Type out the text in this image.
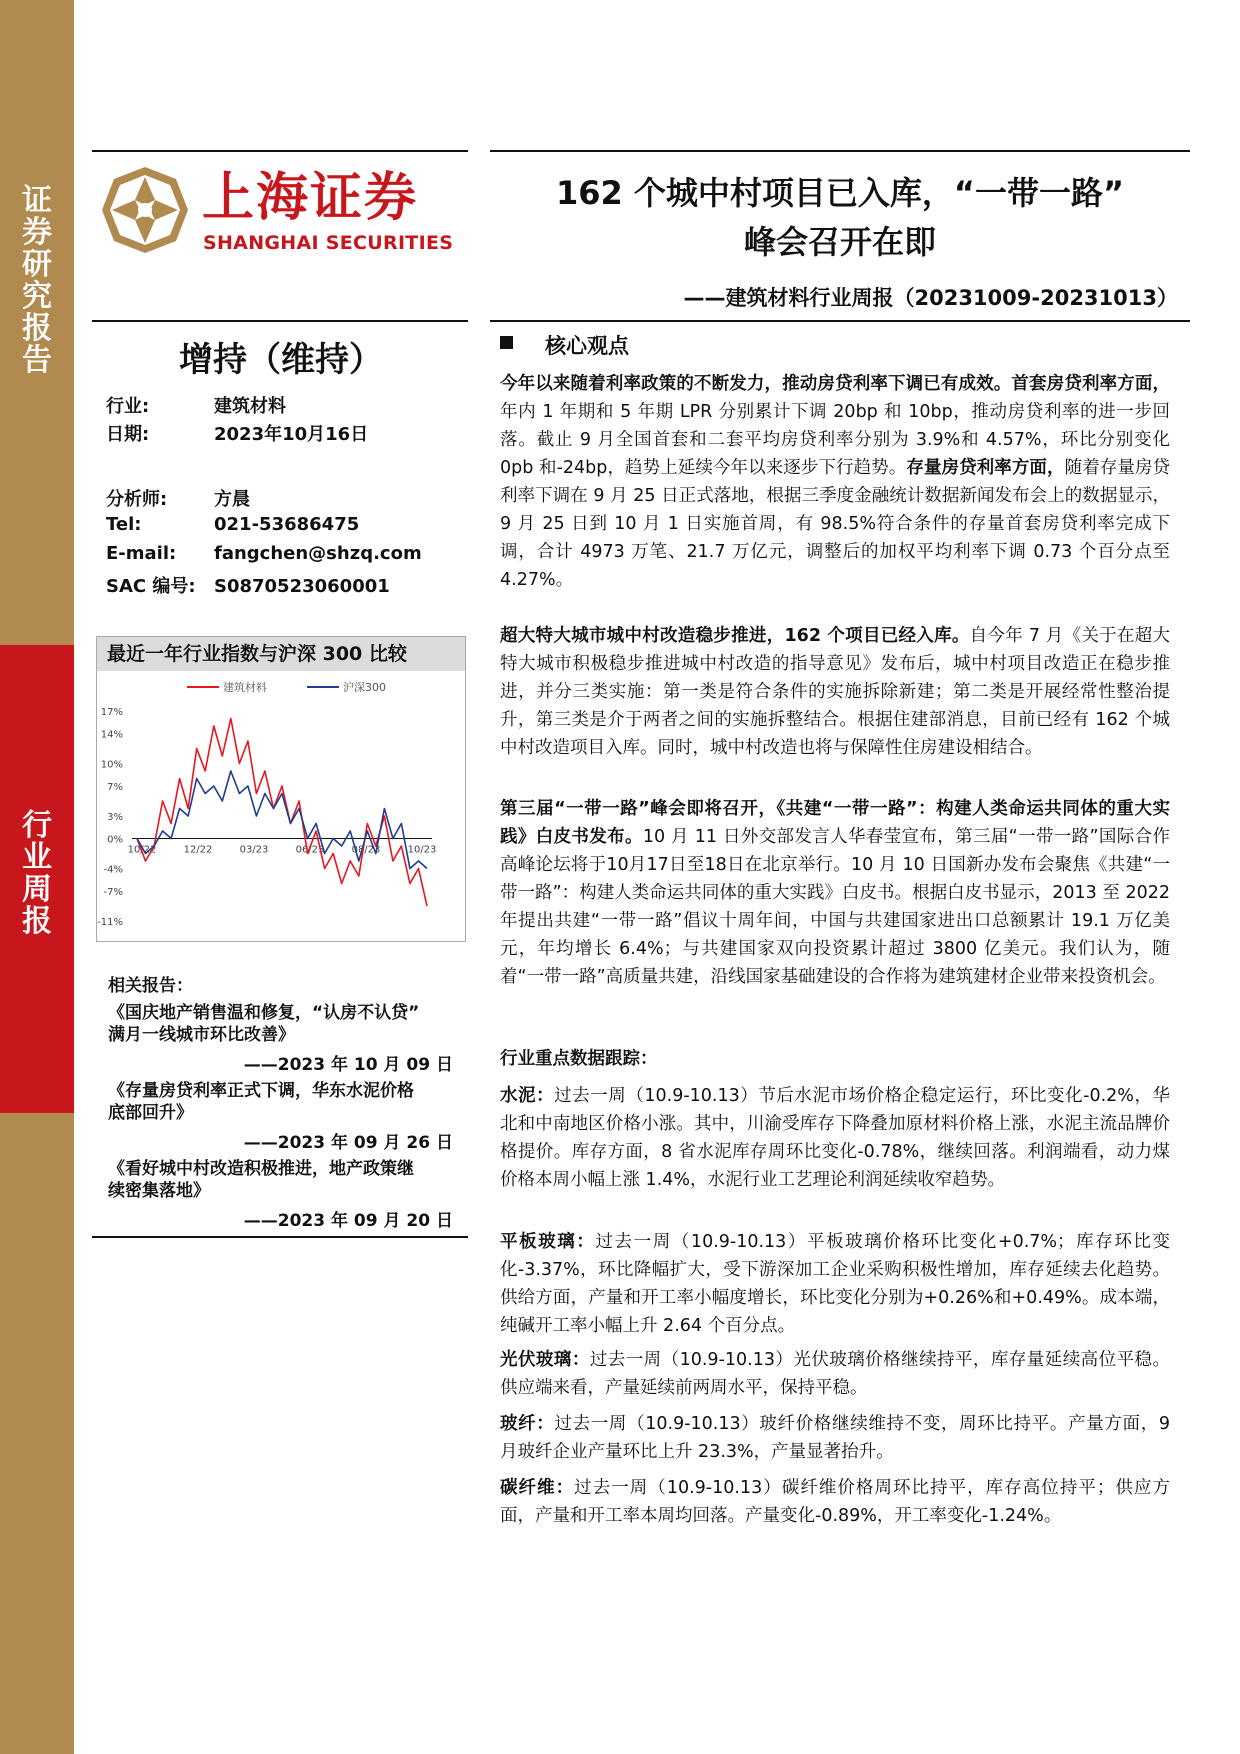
证
券
研
究
报
告
行
业
周
报
上海证券
SHANGHAI SECURITIES
162 个城中村项目已入库，“一带一路”
峰会召开在即
——建筑材料行业周报（20231009-20231013）
增持（维持）
行业:	建筑材料
日期:	2023年10月16日
分析师:	方晨
Tel:	021-53686475
E-mail: fangchen@shzq.com
SAC 编号: S0870523060001
最近一年行业指数与沪深 300 比较
建筑材料	沪深300
17%
14%
10%
7%
3%
0%
-4%
-7%
-11%
10/22	12/22	03/23	06/23	08/23	10/23
相关报告：
《国庆地产销售温和修复，“认房不认贷”
满月一线城市环比改善》
——2023 年 10 月 09 日
《存量房贷利率正式下调，华东水泥价格
底部回升》
——2023 年 09 月 26 日
《看好城中村改造积极推进，地产政策继
续密集落地》
——2023 年 09 月 20 日
核心观点
今年以来随着利率政策的不断发力，推动房贷利率下调已有成效。首套房贷利率方面，年内 1 年期和 5 年期 LPR 分别累计下调 20bp 和 10bp，推动房贷利率的进一步回落。截止 9 月全国首套和二套平均房贷利率分别为 3.9%和 4.57%，环比分别变化 0pb 和-24bp，趋势上延续今年以来逐步下行趋势。存量房贷利率方面，随着存量房贷利率下调在 9 月 25 日正式落地，根据三季度金融统计数据新闻发布会上的数据显示，9 月 25 日到 10 月 1 日实施首周，有 98.5%符合条件的存量首套房贷利率完成下调，合计 4973 万笔、21.7 万亿元，调整后的加权平均利率下调 0.73 个百分点至 4.27%。
超大特大城市城中村改造稳步推进，162 个项目已经入库。自今年 7 月《关于在超大特大城市积极稳步推进城中村改造的指导意见》发布后，城中村项目改造正在稳步推进，并分三类实施：第一类是符合条件的实施拆除新建；第二类是开展经常性整治提升，第三类是介于两者之间的实施拆整结合。根据住建部消息，目前已经有 162 个城中村改造项目入库。同时，城中村改造也将与保障性住房建设相结合。
第三届“一带一路”峰会即将召开，《共建“一带一路”：构建人类命运共同体的重大实践》白皮书发布。10 月 11 日外交部发言人华春莹宣布，第三届“一带一路”国际合作高峰论坛将于10月17日至18日在北京举行。10 月 10 日国新办发布会聚焦《共建“一带一路”：构建人类命运共同体的重大实践》白皮书。根据白皮书显示，2013 至 2022 年提出共建“一带一路”倡议十周年间，中国与共建国家进出口总额累计 19.1 万亿美元，年均增长 6.4%；与共建国家双向投资累计超过 3800 亿美元。我们认为，随着“一带一路”高质量共建，沿线国家基础建设的合作将为建筑建材企业带来投资机会。
行业重点数据跟踪：
水泥：过去一周（10.9-10.13）节后水泥市场价格企稳定运行，环比变化-0.2%，华北和中南地区价格小涨。其中，川渝受库存下降叠加原材料价格上涨，水泥主流品牌价格提价。库存方面，8 省水泥库存周环比变化-0.78%，继续回落。利润端看，动力煤价格本周小幅上涨 1.4%，水泥行业工艺理论利润延续收窄趋势。
平板玻璃：过去一周（10.9-10.13）平板玻璃价格环比变化+0.7%；库存环比变化-3.37%，环比降幅扩大，受下游深加工企业采购积极性增加，库存延续去化趋势。供给方面，产量和开工率小幅度增长，环比变化分别为+0.26%和+0.49%。成本端，纯碱开工率小幅上升 2.64 个百分点。
光伏玻璃：过去一周（10.9-10.13）光伏玻璃价格继续持平，库存量延续高位平稳。供应端来看，产量延续前两周水平，保持平稳。
玻纤：过去一周（10.9-10.13）玻纤价格继续维持不变，周环比持平。产量方面，9 月玻纤企业产量环比上升 23.3%，产量显著抬升。
碳纤维：过去一周（10.9-10.13）碳纤维价格周环比持平，库存高位持平；供应方面，产量和开工率本周均回落。产量变化-0.89%，开工率变化-1.24%。
